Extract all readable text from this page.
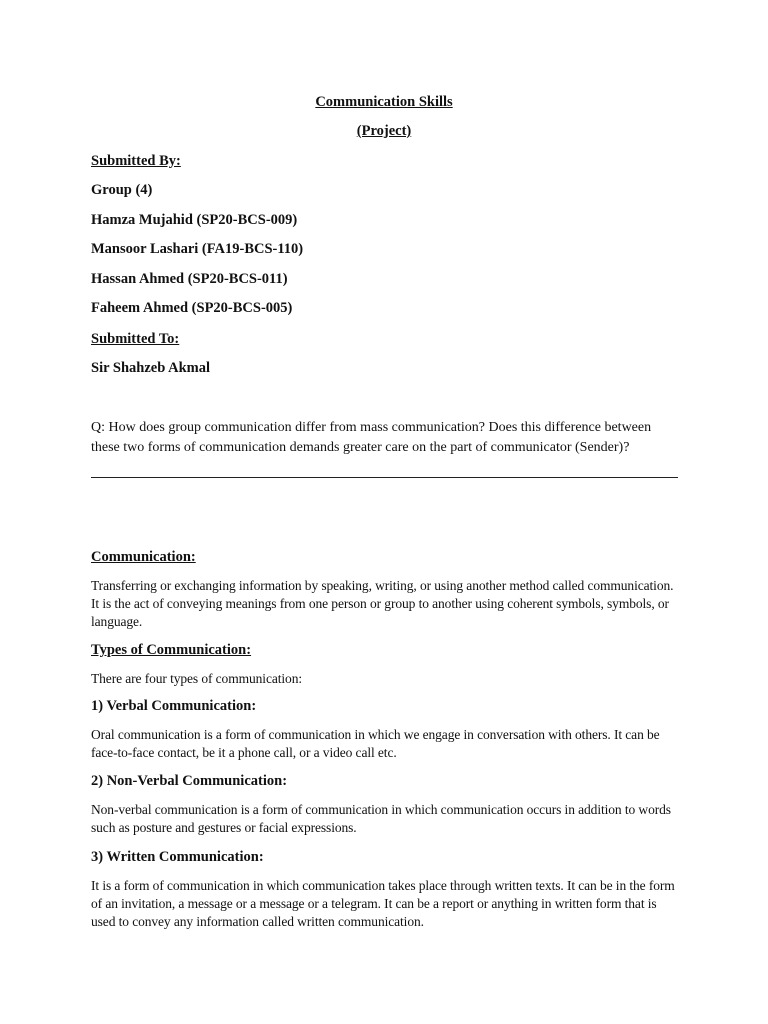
Communication Skills

(Project)

Submitted By:

Group (4)

Hamza Mujahid (SP20-BCS-009)

Mansoor Lashari (FA19-BCS-110)

Hassan Ahmed (SP20-BCS-011)

Faheem Ahmed (SP20-BCS-005)

Submitted To:

Sir Shahzeb Akmal

Q: How does group communication differ from mass communication? Does this difference between these two forms of communication demands greater care on the part of communicator (Sender)?

Communication:

Transferring or exchanging information by speaking, writing, or using another method called communication. It is the act of conveying meanings from one person or group to another using coherent symbols, symbols, or language.

Types of Communication:

There are four types of communication:

1) Verbal Communication:

Oral communication is a form of communication in which we engage in conversation with others. It can be face-to-face contact, be it a phone call, or a video call etc.

2) Non-Verbal Communication:

Non-verbal communication is a form of communication in which communication occurs in addition to words such as posture and gestures or facial expressions.

3) Written Communication:

It is a form of communication in which communication takes place through written texts. It can be in the form of an invitation, a message or a message or a telegram. It can be a report or anything in written form that is used to convey any information called written communication.
